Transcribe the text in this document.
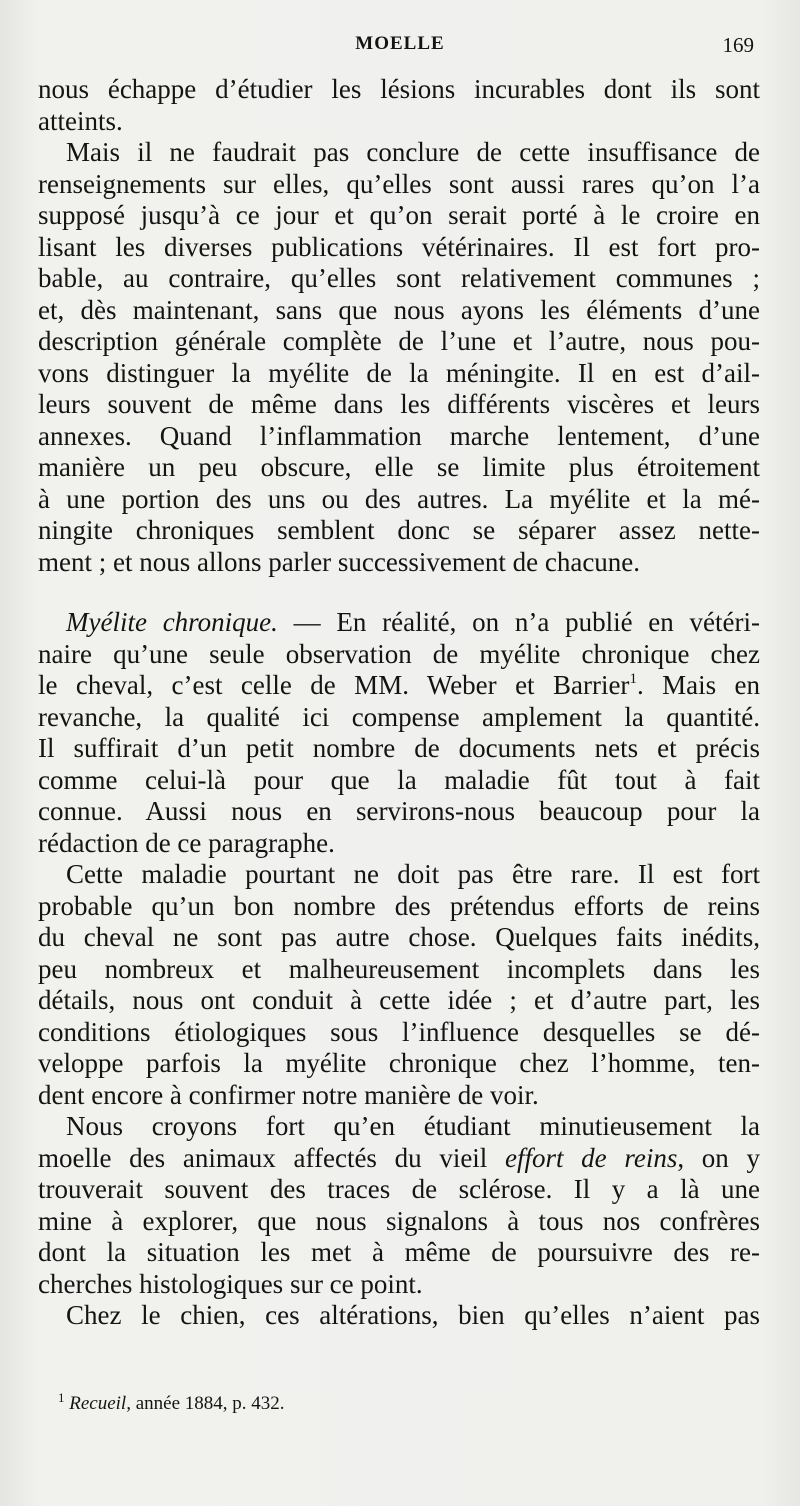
MOELLE	169
nous échappe d’étudier les lésions incurables dont ils sont
atteints.
Mais il ne faudrait pas conclure de cette insuffisance de
renseignements sur elles, qu’elles sont aussi rares qu’on l’a
supposé jusqu’à ce jour et qu’on serait porté à le croire en
lisant les diverses publications vétérinaires. Il est fort pro-
bable, au contraire, qu’elles sont relativement communes ;
et, dès maintenant, sans que nous ayons les éléments d’une
description générale complète de l’une et l’autre, nous pou-
vons distinguer la myélite de la méningite. Il en est d’ail-
leurs souvent de même dans les différents viscères et leurs
annexes. Quand l’inflammation marche lentement, d’une
manière un peu obscure, elle se limite plus étroitement
à une portion des uns ou des autres. La myélite et la mé-
ningite chroniques semblent donc se séparer assez nette-
ment ; et nous allons parler successivement de chacune.
Myélite chronique. — En réalité, on n’a publié en vétéri-
naire qu’une seule observation de myélite chronique chez
le cheval, c’est celle de MM. Weber et Barrier$^1$. Mais en
revanche, la qualité ici compense amplement la quantité.
Il suffirait d’un petit nombre de documents nets et précis
comme celui-là pour que la maladie fût tout à fait
connue. Aussi nous en servirons-nous beaucoup pour la
rédaction de ce paragraphe.
Cette maladie pourtant ne doit pas être rare. Il est fort
probable qu’un bon nombre des prétendus efforts de reins
du cheval ne sont pas autre chose. Quelques faits inédits,
peu nombreux et malheureusement incomplets dans les
détails, nous ont conduit à cette idée ; et d’autre part, les
conditions étiologiques sous l’influence desquelles se dé-
veloppe parfois la myélite chronique chez l’homme, ten-
dent encore à confirmer notre manière de voir.
Nous croyons fort qu’en étudiant minutieusement la
moelle des animaux affectés du vieil effort de reins, on y
trouverait souvent des traces de sclérose. Il y a là une
mine à explorer, que nous signalons à tous nos confrères
dont la situation les met à même de poursuivre des re-
cherches histologiques sur ce point.
Chez le chien, ces altérations, bien qu’elles n’aient pas
$^1$ Recueil, année 1884, p. 432.
